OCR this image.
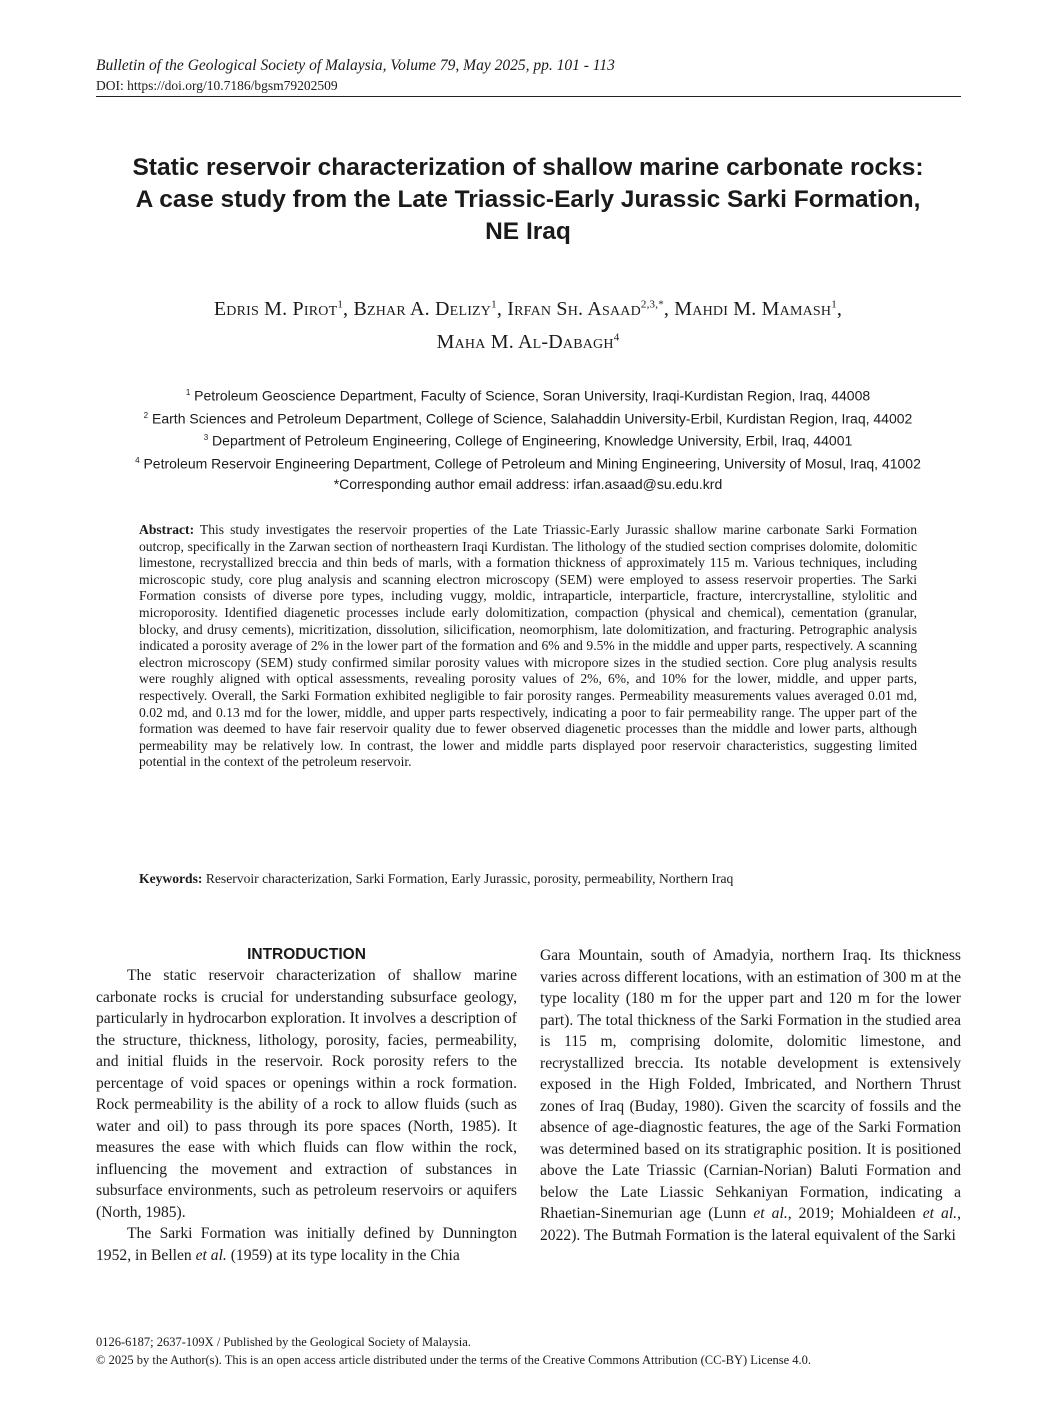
Bulletin of the Geological Society of Malaysia, Volume 79, May 2025, pp. 101 - 113
DOI: https://doi.org/10.7186/bgsm79202509
Static reservoir characterization of shallow marine carbonate rocks:
A case study from the Late Triassic-Early Jurassic Sarki Formation,
NE Iraq
Edris M. Pirot$^1$, Bzhar A. Delizy$^1$, Irfan Sh. Asaad$^{2,3,*}$, Mahdi M. Mamash$^1$,
Maha M. Al-Dabagh$^4$
$^1$ Petroleum Geoscience Department, Faculty of Science, Soran University, Iraqi-Kurdistan Region, Iraq, 44008
$^2$ Earth Sciences and Petroleum Department, College of Science, Salahaddin University-Erbil, Kurdistan Region, Iraq, 44002
$^3$ Department of Petroleum Engineering, College of Engineering, Knowledge University, Erbil, Iraq, 44001
$^4$ Petroleum Reservoir Engineering Department, College of Petroleum and Mining Engineering, University of Mosul, Iraq, 41002
*Corresponding author email address: irfan.asaad@su.edu.krd

Abstract: This study investigates the reservoir properties of the Late Triassic-Early Jurassic shallow marine carbonate Sarki Formation outcrop, specifically in the Zarwan section of northeastern Iraqi Kurdistan. The lithology of the studied section comprises dolomite, dolomitic limestone, recrystallized breccia and thin beds of marls, with a formation thickness of approximately 115 m. Various techniques, including microscopic study, core plug analysis and scanning electron microscopy (SEM) were employed to assess reservoir properties. The Sarki Formation consists of diverse pore types, including vuggy, moldic, intraparticle, interparticle, fracture, intercrystalline, stylolitic and microporosity. Identified diagenetic processes include early dolomitization, compaction (physical and chemical), cementation (granular, blocky, and drusy cements), micritization, dissolution, silicification, neomorphism, late dolomitization, and fracturing. Petrographic analysis indicated a porosity average of 2% in the lower part of the formation and 6% and 9.5% in the middle and upper parts, respectively. A scanning electron microscopy (SEM) study confirmed similar porosity values with micropore sizes in the studied section. Core plug analysis results were roughly aligned with optical assessments, revealing porosity values of 2%, 6%, and 10% for the lower, middle, and upper parts, respectively. Overall, the Sarki Formation exhibited negligible to fair porosity ranges. Permeability measurements values averaged 0.01 md, 0.02 md, and 0.13 md for the lower, middle, and upper parts respectively, indicating a poor to fair permeability range. The upper part of the formation was deemed to have fair reservoir quality due to fewer observed diagenetic processes than the middle and lower parts, although permeability may be relatively low. In contrast, the lower and middle parts displayed poor reservoir characteristics, suggesting limited potential in the context of the petroleum reservoir.

Keywords: Reservoir characterization, Sarki Formation, Early Jurassic, porosity, permeability, Northern Iraq

INTRODUCTION

The static reservoir characterization of shallow marine carbonate rocks is crucial for understanding subsurface geology, particularly in hydrocarbon exploration. It involves a description of the structure, thickness, lithology, porosity, facies, permeability, and initial fluids in the reservoir. Rock porosity refers to the percentage of void spaces or openings within a rock formation. Rock permeability is the ability of a rock to allow fluids (such as water and oil) to pass through its pore spaces (North, 1985). It measures the ease with which fluids can flow within the rock, influencing the movement and extraction of substances in subsurface environments, such as petroleum reservoirs or aquifers (North, 1985).

The Sarki Formation was initially defined by Dunnington 1952, in Bellen et al. (1959) at its type locality in the Chia

Gara Mountain, south of Amadyia, northern Iraq. Its thickness varies across different locations, with an estimation of 300 m at the type locality (180 m for the upper part and 120 m for the lower part). The total thickness of the Sarki Formation in the studied area is 115 m, comprising dolomite, dolomitic limestone, and recrystallized breccia. Its notable development is extensively exposed in the High Folded, Imbricated, and Northern Thrust zones of Iraq (Buday, 1980). Given the scarcity of fossils and the absence of age-diagnostic features, the age of the Sarki Formation was determined based on its stratigraphic position. It is positioned above the Late Triassic (Carnian-Norian) Baluti Formation and below the Late Liassic Sehkaniyan Formation, indicating a Rhaetian-Sinemurian age (Lunn et al., 2019; Mohialdeen et al., 2022). The Butmah Formation is the lateral equivalent of the Sarki

0126-6187; 2637-109X / Published by the Geological Society of Malaysia.
© 2025 by the Author(s). This is an open access article distributed under the terms of the Creative Commons Attribution (CC-BY) License 4.0.
